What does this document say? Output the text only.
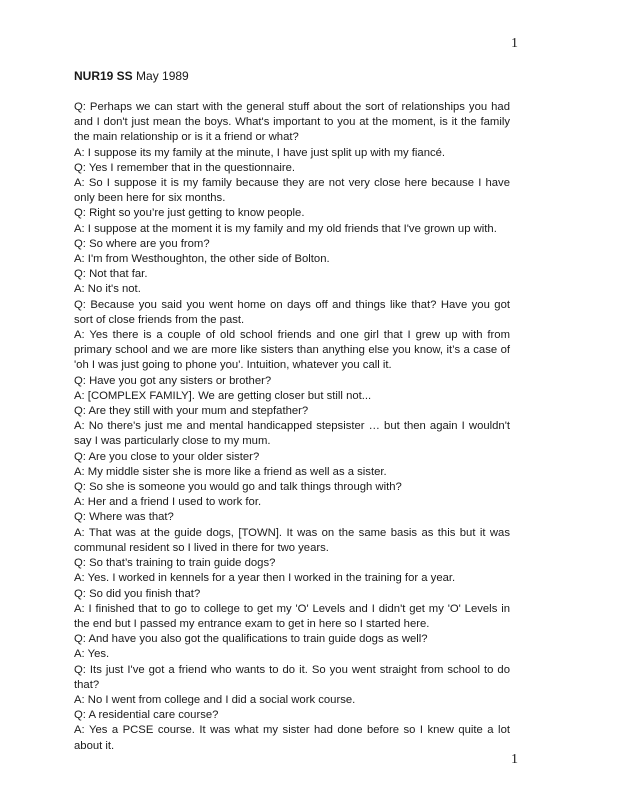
1
NUR19 SS May 1989

Q: Perhaps we can start with the general stuff about the sort of relationships you had and I don't just mean the boys. What's important to you at the moment, is it the family the main relationship or is it a friend or what?

A: I suppose its my family at the minute, I have just split up with my fiancé.

Q: Yes I remember that in the questionnaire.

A: So I suppose it is my family because they are not very close here because I have only been here for six months.

Q: Right so you’re just getting to know people.

A: I suppose at the moment it is my family and my old friends that I've grown up with.

Q: So where are you from?

A: I'm from Westhoughton, the other side of Bolton.

Q: Not that far.

A: No it's not.

Q: Because you said you went home on days off and things like that? Have you got sort of close friends from the past.

A: Yes there is a couple of old school friends and one girl that I grew up with from primary school and we are more like sisters than anything else you know, it’s a case of 'oh I was just going to phone you'. Intuition, whatever you call it.

Q: Have you got any sisters or brother?

A: [COMPLEX FAMILY]. We are getting closer but still not...

Q: Are they still with your mum and stepfather?

A: No there's just me and mental handicapped stepsister … but then again I wouldn't say I was particularly close to my mum.

Q: Are you close to your older sister?

A: My middle sister she is more like a friend as well as a sister.

Q: So she is someone you would go and talk things through with?

A: Her and a friend I used to work for.

Q: Where was that?

A: That was at the guide dogs, [TOWN]. It was on the same basis as this but it was communal resident so I lived in there for two years.

Q: So that’s training to train guide dogs?

A: Yes. I worked in kennels for a year then I worked in the training for a year.

Q: So did you finish that?

A: I finished that to go to college to get my 'O' Levels and I didn't get my 'O' Levels in the end but I passed my entrance exam to get in here so I started here.

Q: And have you also got the qualifications to train guide dogs as well?

A: Yes.

Q: Its just I've got a friend who wants to do it. So you went straight from school to do that?

A: No I went from college and I did a social work course.

Q: A residential care course?

A: Yes a PCSE course. It was what my sister had done before so I knew quite a lot about it.

1
